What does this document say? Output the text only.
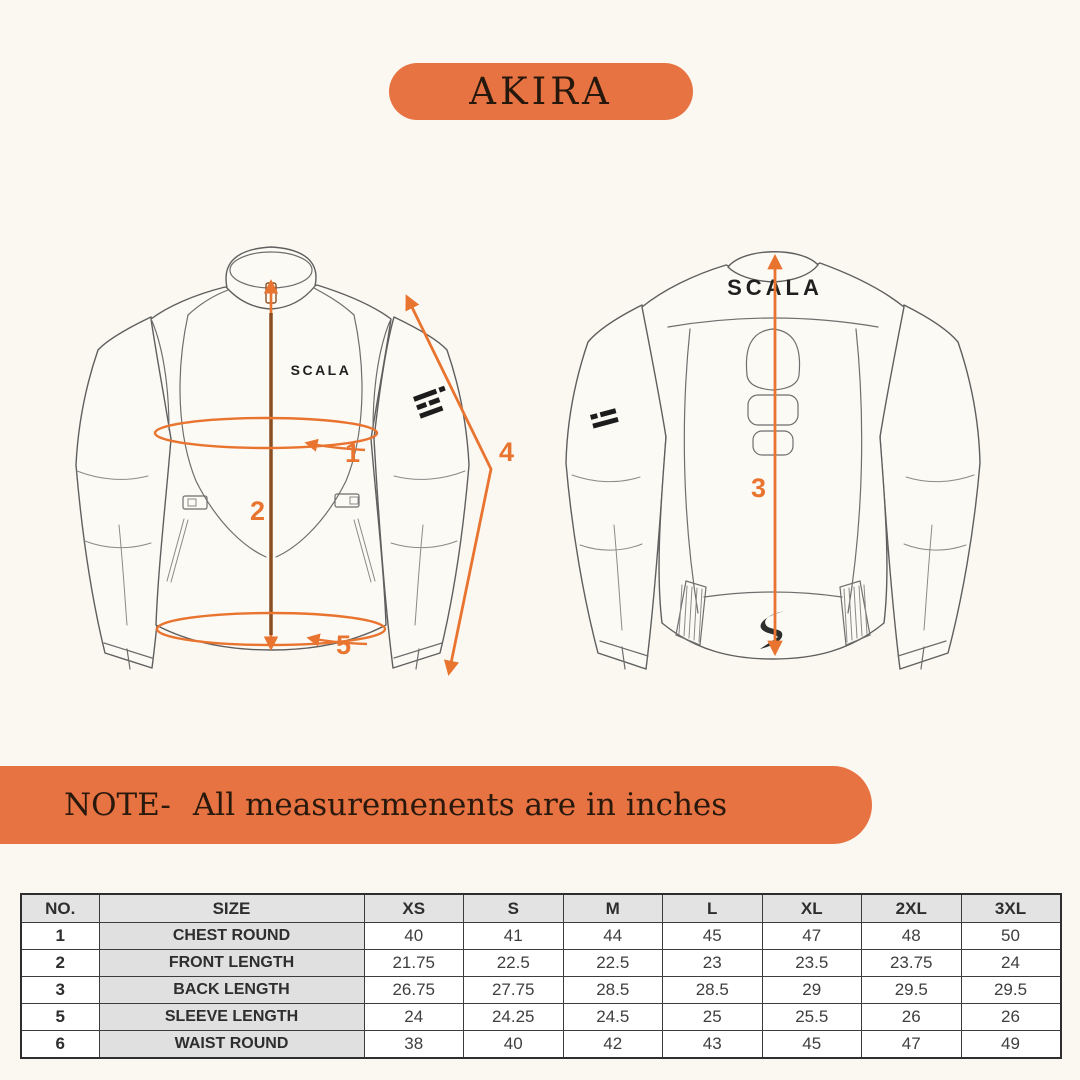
AKIRA
SCALA
1
2
4
5
SCALA
3
NOTE- All measuremenents are in inches
NO.	SIZE	XS	S	M	L	XL	2XL	3XL
1	CHEST ROUND	40	41	44	45	47	48	50
2	FRONT LENGTH	21.75	22.5	22.5	23	23.5	23.75	24
3	BACK LENGTH	26.75	27.75	28.5	28.5	29	29.5	29.5
5	SLEEVE LENGTH	24	24.25	24.5	25	25.5	26	26
6	WAIST ROUND	38	40	42	43	45	47	49
